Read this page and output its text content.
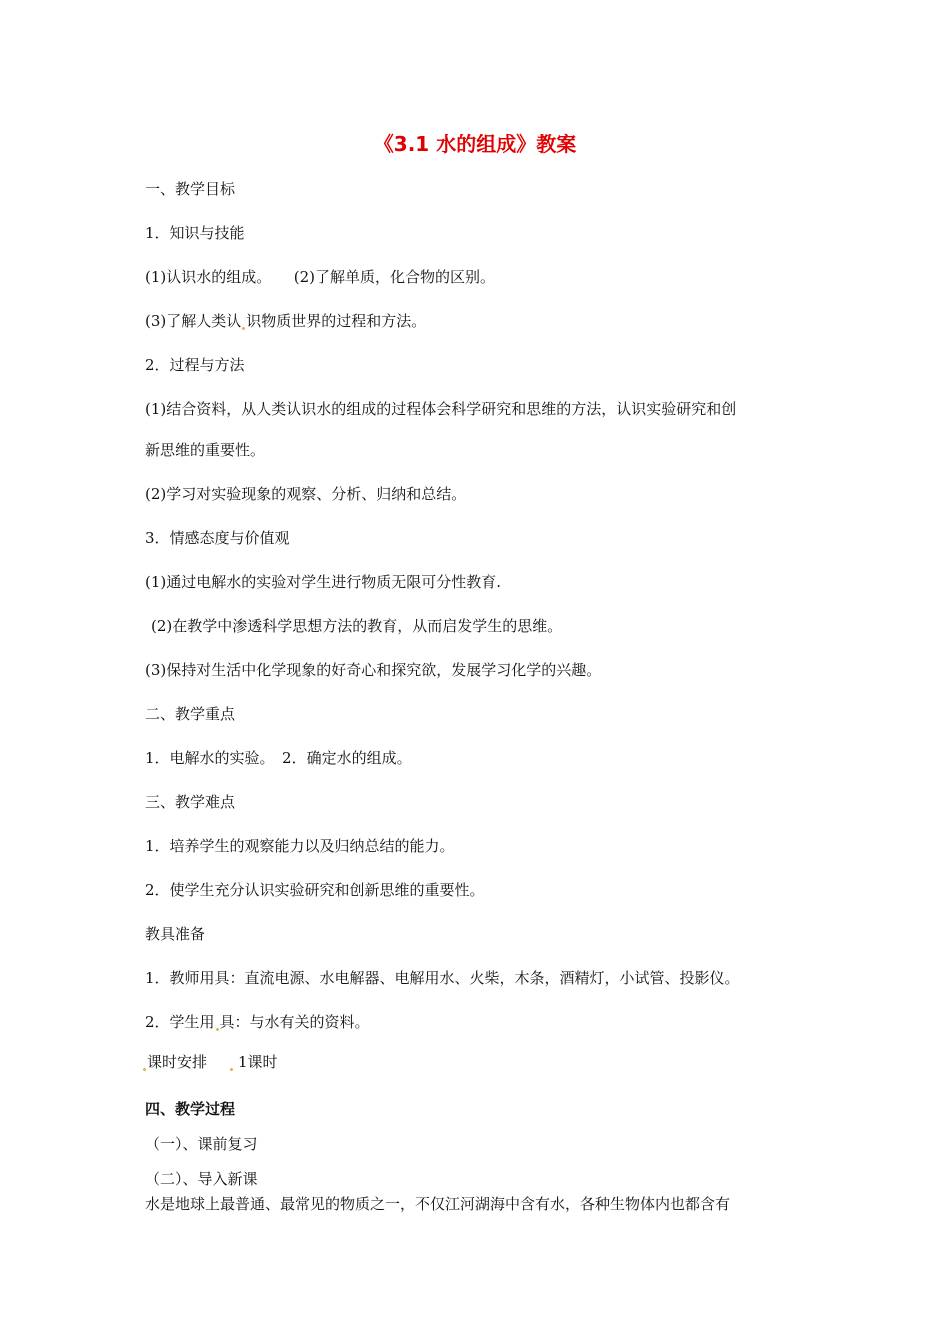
《3.1 水的组成》教案
一、教学目标
1．知识与技能
(1)认识水的组成。　　(2)了解单质，化合物的区别。
(3)了解人类认 识物质世界的过程和方法。
2．过程与方法
(1)结合资料，从人类认识水的组成的过程体会科学研究和思维的方法，认识实验研究和创
新思维的重要性。
(2)学习对实验现象的观察、分析、归纳和总结。
3．情感态度与价值观
(1)通过电解水的实验对学生进行物质无限可分性教育.
(2)在教学中渗透科学思想方法的教育，从而启发学生的思维。
(3)保持对生活中化学现象的好奇心和探究欲，发展学习化学的兴趣。
二、教学重点
1．电解水的实验。　2．确定水的组成。
三、教学难点
1．培养学生的观察能力以及归纳总结的能力。
2．使学生充分认识实验研究和创新思维的重要性。
教具准备
1．教师用具：直流电源、水电解器、电解用水、火柴，木条，酒精灯，小试管、投影仪。
2．学生用 具：与水有关的资料。
课时安排 1课时
四、教学过程
（一）、课前复习
（二）、导入新课
水是地球上最普通、最常见的物质之一，不仅江河湖海中含有水，各种生物体内也都含有
